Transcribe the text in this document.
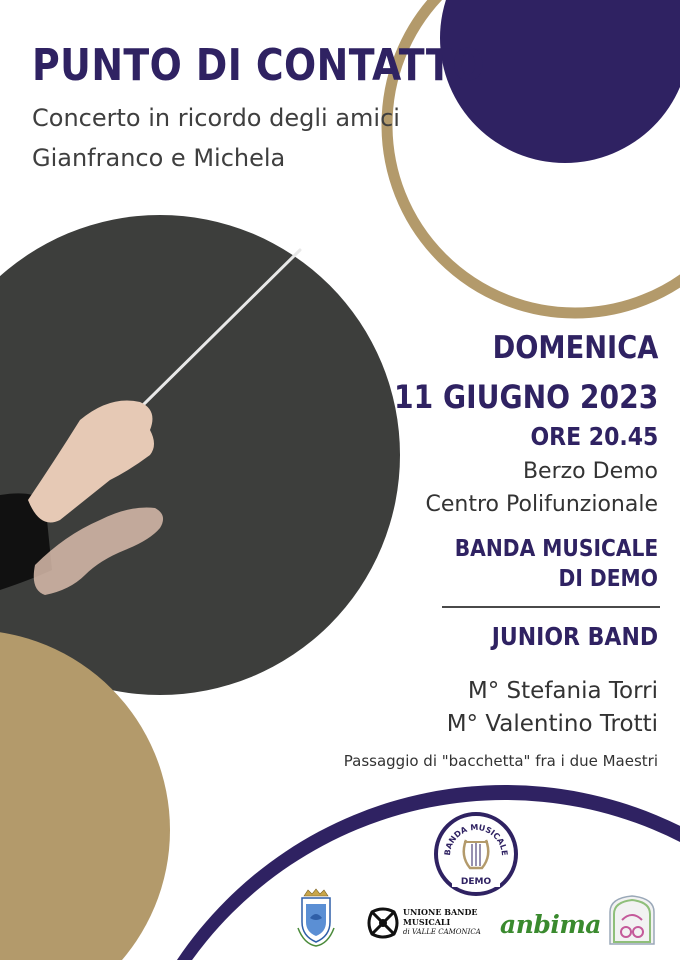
PUNTO DI CONTATTO

Concerto in ricordo degli amici

Gianfranco e Michela

DOMENICA

11 GIUGNO 2023

ORE 20.45

Berzo Demo

Centro Polifunzionale

BANDA MUSICALE

DI DEMO

JUNIOR BAND

M° Stefania Torri

M° Valentino Trotti

Passaggio di "bacchetta" fra i due Maestri

BANDA MUSICALE
DEMO
UNIONE BANDE
MUSICALI
di VALLE CAMONICA anbima
